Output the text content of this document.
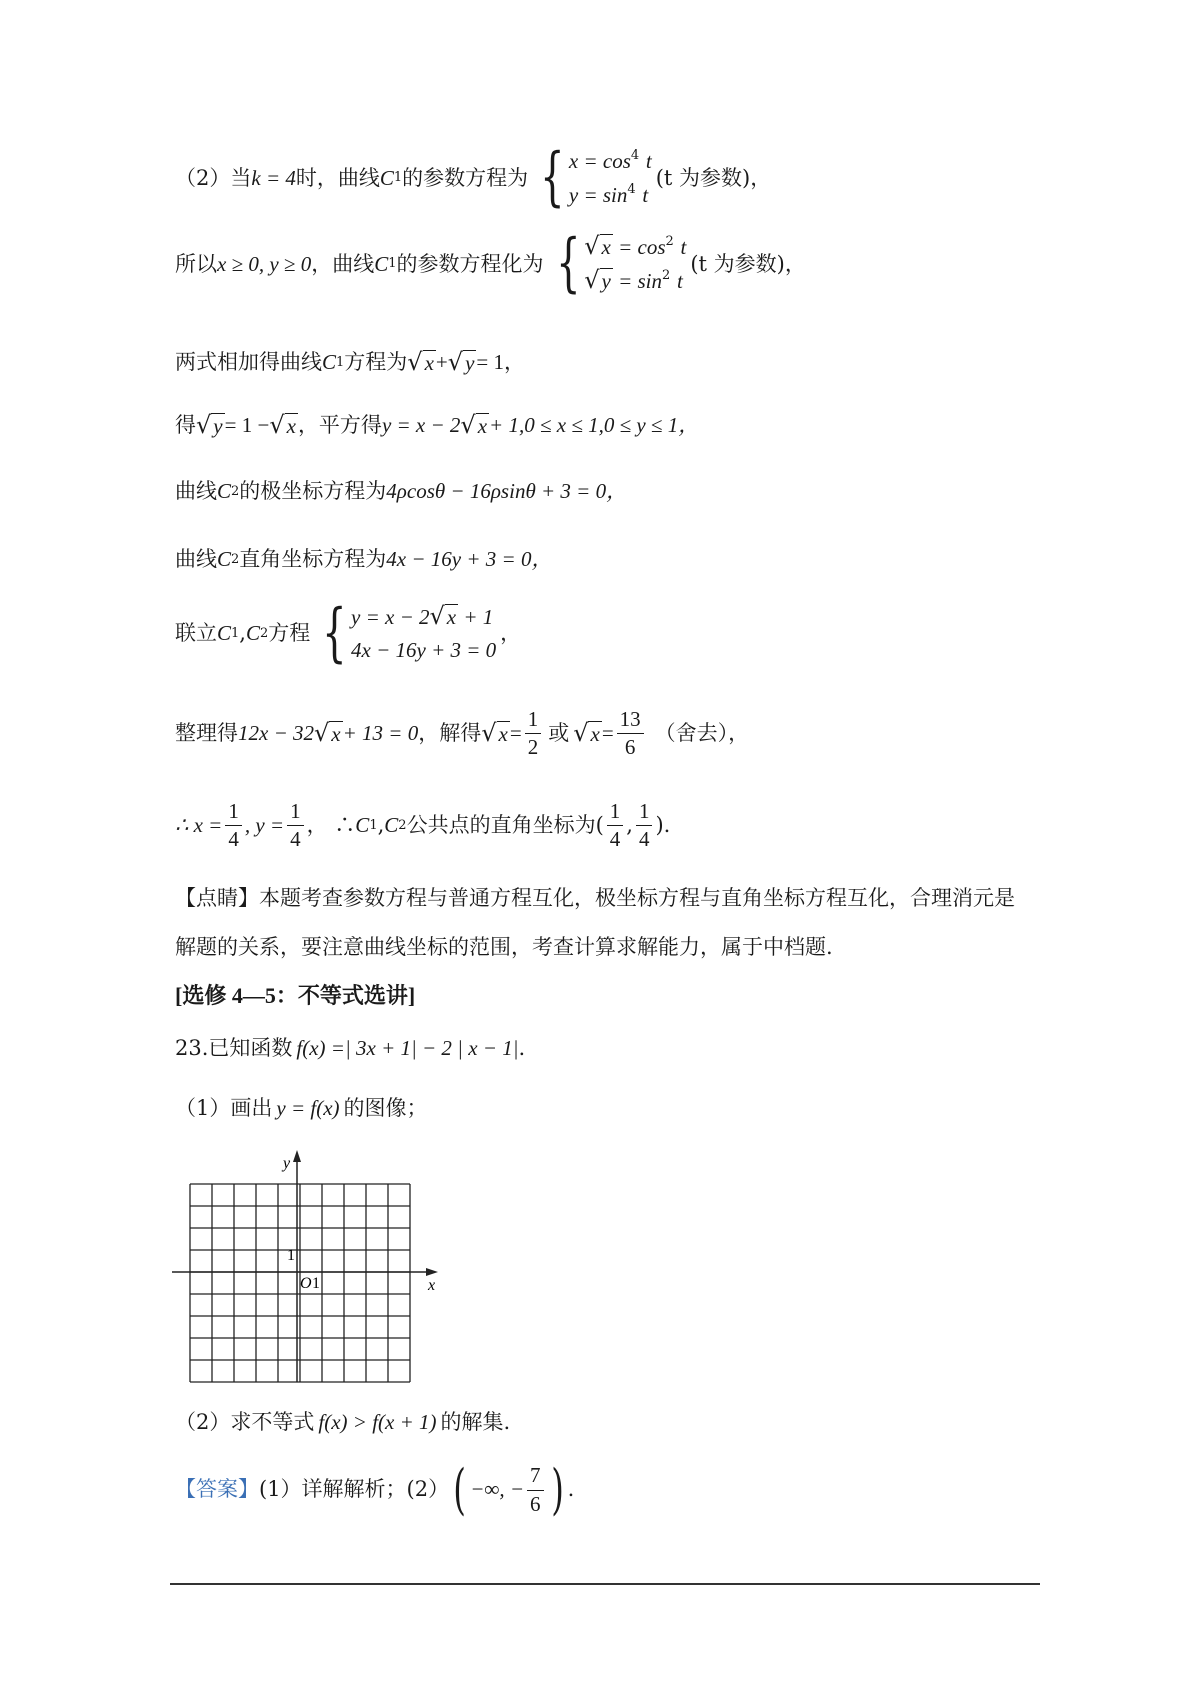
（2）当 k = 4 时，曲线 C 1 的参数方程为 { $x = \cos^4 t$
$y = \sin^4 t$
(t 为参数)，
所以 x ≥ 0, y ≥ 0 ，曲线 C 1 的参数方程化为 { √ $x = \cos^2 t$
√ $y = \sin^2 t$
(t 为参数)，
两式相加得曲线 C 1 方程为 √ x + √ y = 1，
得 √ y = 1 − √ x ，平方得 y = x − 2 √ x + 1,0 ≤ x ≤ 1,0 ≤ y ≤ 1，
曲线 C 2 的极坐标方程为 4ρcosθ − 16ρsinθ + 3 = 0，
曲线 C 2 直角坐标方程为 4x − 16y + 3 = 0，
联立 C 1 , C 2 方程 { y = x − 2 √ x + 1
4x − 16y + 3 = 0
，
整理得 12x − 32 √ x + 13 = 0 ，解得 √ $x = \frac{1}{2}$ 或 √ $x = \frac{13}{6}$ （舍去），
∴ $x = \frac{1}{4}$ , $y = \frac{1}{4}$ ， ∴ C 1 , C 2 公共点的直角坐标为( $\frac{1}{4}$ , $\frac{1}{4}$ ).
【点睛】本题考查参数方程与普通方程互化，极坐标方程与直角坐标方程互化，合理消元是
解题的关系，要注意曲线坐标的范围，考查计算求解能力，属于中档题.
[选修 4—5：不等式选讲]
23.已知函数 f(x) =| 3x + 1| − 2 | x − 1| .
（1）画出 y = f(x) 的图像；
y
x
O 1
1
（2）求不等式 f(x) > f(x + 1) 的解集.
【答案】 (1）详解解析；(2） ( −∞, − $\frac{7}{6}$ ) .
